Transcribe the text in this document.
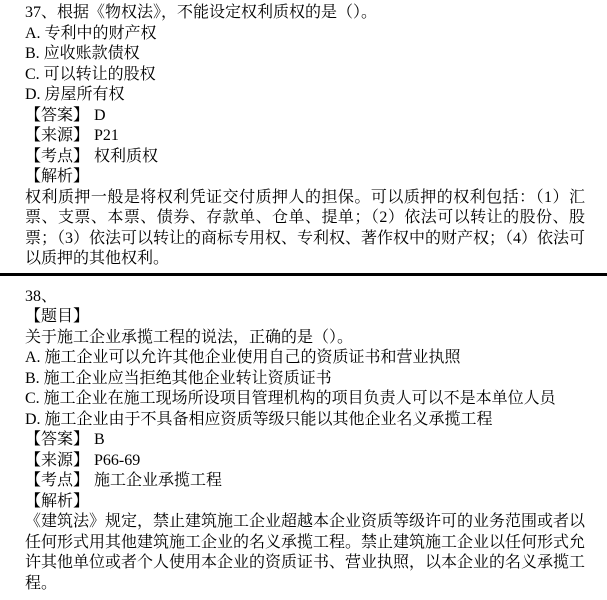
37、根据《物权法》，不能设定权利质权的是（）。
A. 专利中的财产权
B. 应收账款债权
C. 可以转让的股权
D. 房屋所有权
【答案】 D
【来源】 P21
【考点】 权利质权
【解析】

权利质押一般是将权利凭证交付质押人的担保。可以质押的权利包括：（1）汇票、支票、本票、债券、存款单、仓单、提单；（2）依法可以转让的股份、股票；（3）依法可以转让的商标专用权、专利权、著作权中的财产权；（4）依法可以质押的其他权利。

38、
【题目】
关于施工企业承揽工程的说法，正确的是（）。
A. 施工企业可以允许其他企业使用自己的资质证书和营业执照
B. 施工企业应当拒绝其他企业转让资质证书
C. 施工企业在施工现场所设项目管理机构的项目负责人可以不是本单位人员
D. 施工企业由于不具备相应资质等级只能以其他企业名义承揽工程
【答案】 B
【来源】 P66-69
【考点】 施工企业承揽工程
【解析】

《建筑法》规定，禁止建筑施工企业超越本企业资质等级许可的业务范围或者以任何形式用其他建筑施工企业的名义承揽工程。禁止建筑施工企业以任何形式允许其他单位或者个人使用本企业的资质证书、营业执照，以本企业的名义承揽工程。
